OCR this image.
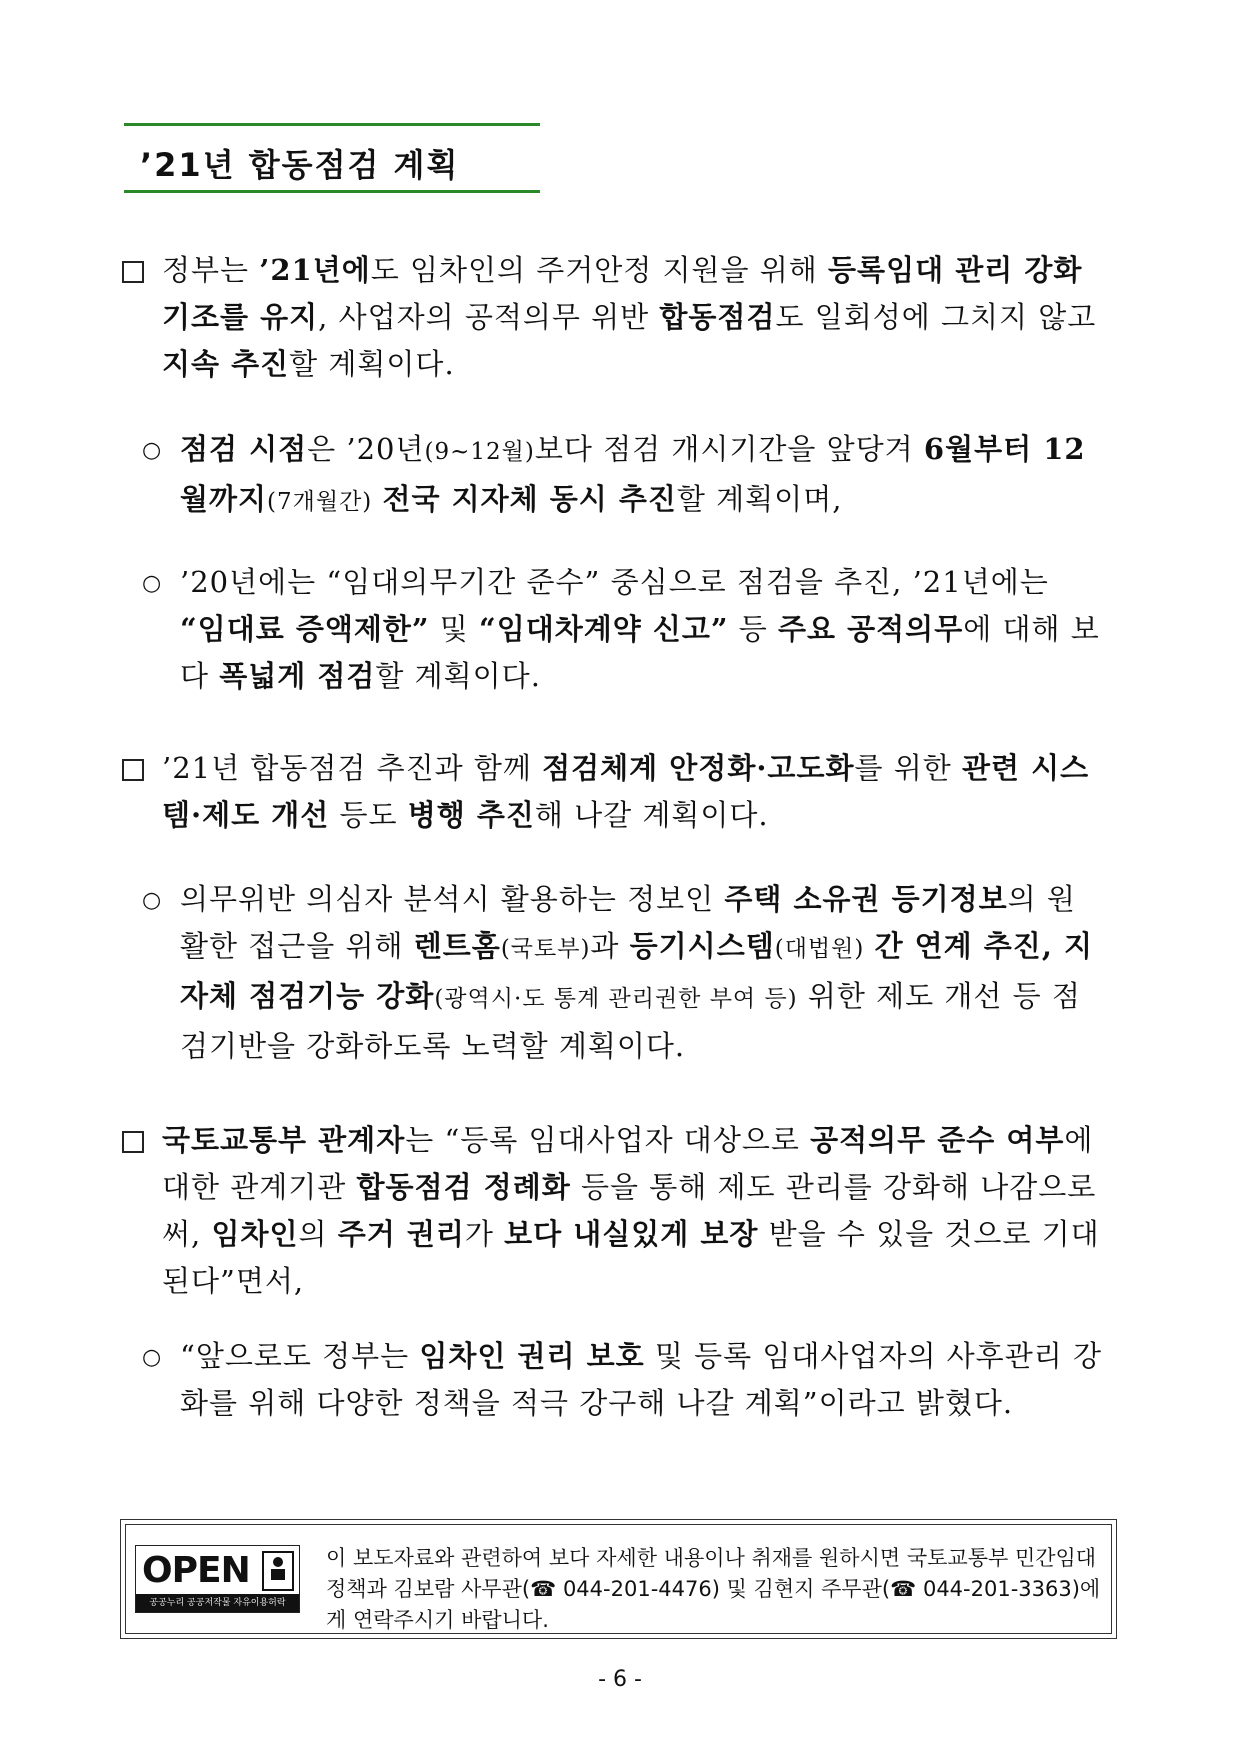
’21년 합동점검 계획

정부는 ’21년에도 임차인의 주거안정 지원을 위해 등록임대 관리 강화 기조를 유지, 사업자의 공적의무 위반 합동점검도 일회성에 그치지 않고 지속 추진할 계획이다.

○ 점검 시점은 ’20년(9~12월)보다 점검 개시기간을 앞당겨 6월부터 12월까지(7개월간) 전국 지자체 동시 추진할 계획이며,

○ ’20년에는 “임대의무기간 준수” 중심으로 점검을 추진, ’21년에는 “임대료 증액제한” 및 “임대차계약 신고” 등 주요 공적의무에 대해 보다 폭넓게 점검할 계획이다.

’21년 합동점검 추진과 함께 점검체계 안정화·고도화를 위한 관련 시스템·제도 개선 등도 병행 추진해 나갈 계획이다.

○ 의무위반 의심자 분석시 활용하는 정보인 주택 소유권 등기정보의 원활한 접근을 위해 렌트홈(국토부)과 등기시스템(대법원) 간 연계 추진, 지자체 점검기능 강화(광역시·도 통계 관리권한 부여 등) 위한 제도 개선 등 점검기반을 강화하도록 노력할 계획이다.

국토교통부 관계자는 “등록 임대사업자 대상으로 공적의무 준수 여부에 대한 관계기관 합동점검 정례화 등을 통해 제도 관리를 강화해 나감으로써, 임차인의 주거 권리가 보다 내실있게 보장 받을 수 있을 것으로 기대된다”면서,

○ “앞으로도 정부는 임차인 권리 보호 및 등록 임대사업자의 사후관리 강화를 위해 다양한 정책을 적극 강구해 나갈 계획”이라고 밝혔다.

OPEN
공공누리 공공저작물 자유이용허락
이 보도자료와 관련하여 보다 자세한 내용이나 취재를 원하시면 국토교통부 민간임대정책과 김보람 사무관(☎ 044-201-4476) 및 김현지 주무관(☎ 044-201-3363)에게 연락주시기 바랍니다.
- 6 -
